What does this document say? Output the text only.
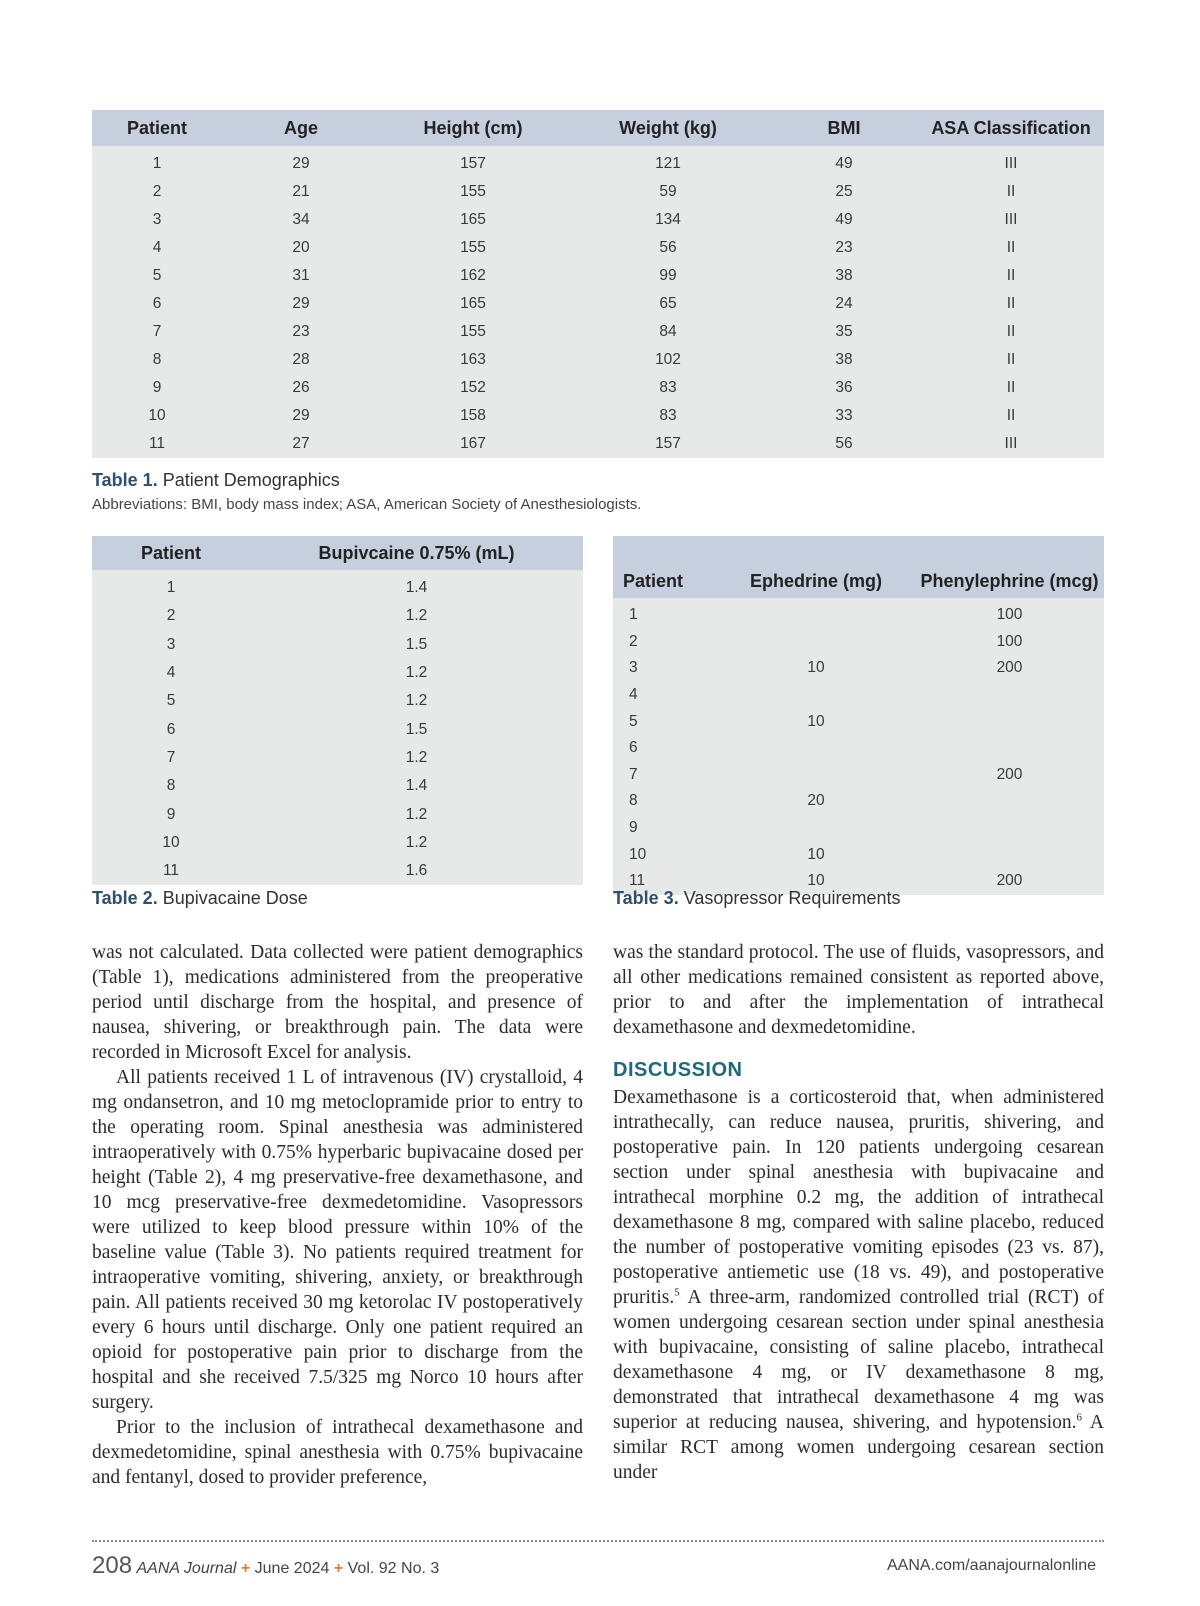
Patient	Age	Height (cm)	Weight (kg)	BMI	ASA Classification
1	29	157	121	49	III
2	21	155	59	25	II
3	34	165	134	49	III
4	20	155	56	23	II
5	31	162	99	38	II
6	29	165	65	24	II
7	23	155	84	35	II
8	28	163	102	38	II
9	26	152	83	36	II
10	29	158	83	33	II
11	27	167	157	56	III
Table 1. Patient Demographics
Abbreviations: BMI, body mass index; ASA, American Society of Anesthesiologists.
Patient	Bupivcaine 0.75% (mL)
1	1.4
2	1.2
3	1.5
4	1.2
5	1.2
6	1.5
7	1.2
8	1.4
9	1.2
10	1.2
11	1.6
Table 2. Bupivacaine Dose
Patient	Ephedrine (mg)	Phenylephrine (mcg)
1		100
2		100
3	10	200
4		
5	10	
6		
7		200
8	20	
9		
10	10	
11	10	200
Table 3. Vasopressor Requirements

was not calculated. Data collected were patient demographics (Table 1), medications administered from the preoperative period until discharge from the hospital, and presence of nausea, shivering, or breakthrough pain. The data were recorded in Microsoft Excel for analysis.

All patients received 1 L of intravenous (IV) crystalloid, 4 mg ondansetron, and 10 mg metoclopramide prior to entry to the operating room. Spinal anesthesia was administered intraoperatively with 0.75% hyperbaric bupivacaine dosed per height (Table 2), 4 mg preservative-free dexamethasone, and 10 mcg preservative-free dexmedetomidine. Vasopressors were utilized to keep blood pressure within 10% of the baseline value (Table 3). No patients required treatment for intraoperative vomiting, shivering, anxiety, or breakthrough pain. All patients received 30 mg ketorolac IV postoperatively every 6 hours until discharge. Only one patient required an opioid for postoperative pain prior to discharge from the hospital and she received 7.5/325 mg Norco 10 hours after surgery.

Prior to the inclusion of intrathecal dexamethasone and dexmedetomidine, spinal anesthesia with 0.75% bupivacaine and fentanyl, dosed to provider preference,

was the standard protocol. The use of fluids, vasopressors, and all other medications remained consistent as reported above, prior to and after the implementation of intrathecal dexamethasone and dexmedetomidine.

DISCUSSION

Dexamethasone is a corticosteroid that, when administered intrathecally, can reduce nausea, pruritis, shivering, and postoperative pain. In 120 patients undergoing cesarean section under spinal anesthesia with bupivacaine and intrathecal morphine 0.2 mg, the addition of intrathecal dexamethasone 8 mg, compared with saline placebo, reduced the number of postoperative vomiting episodes (23 vs. 87), postoperative antiemetic use (18 vs. 49), and postoperative pruritis.$^5$ A three-arm, randomized controlled trial (RCT) of women undergoing cesarean section under spinal anesthesia with bupivacaine, consisting of saline placebo, intrathecal dexamethasone 4 mg, or IV dexamethasone 8 mg, demonstrated that intrathecal dexamethasone 4 mg was superior at reducing nausea, shivering, and hypotension.$^6$ A similar RCT among women undergoing cesarean section under

208 AANA Journal + June 2024 + Vol. 92 No. 3	AANA.com/aanajournalonline
